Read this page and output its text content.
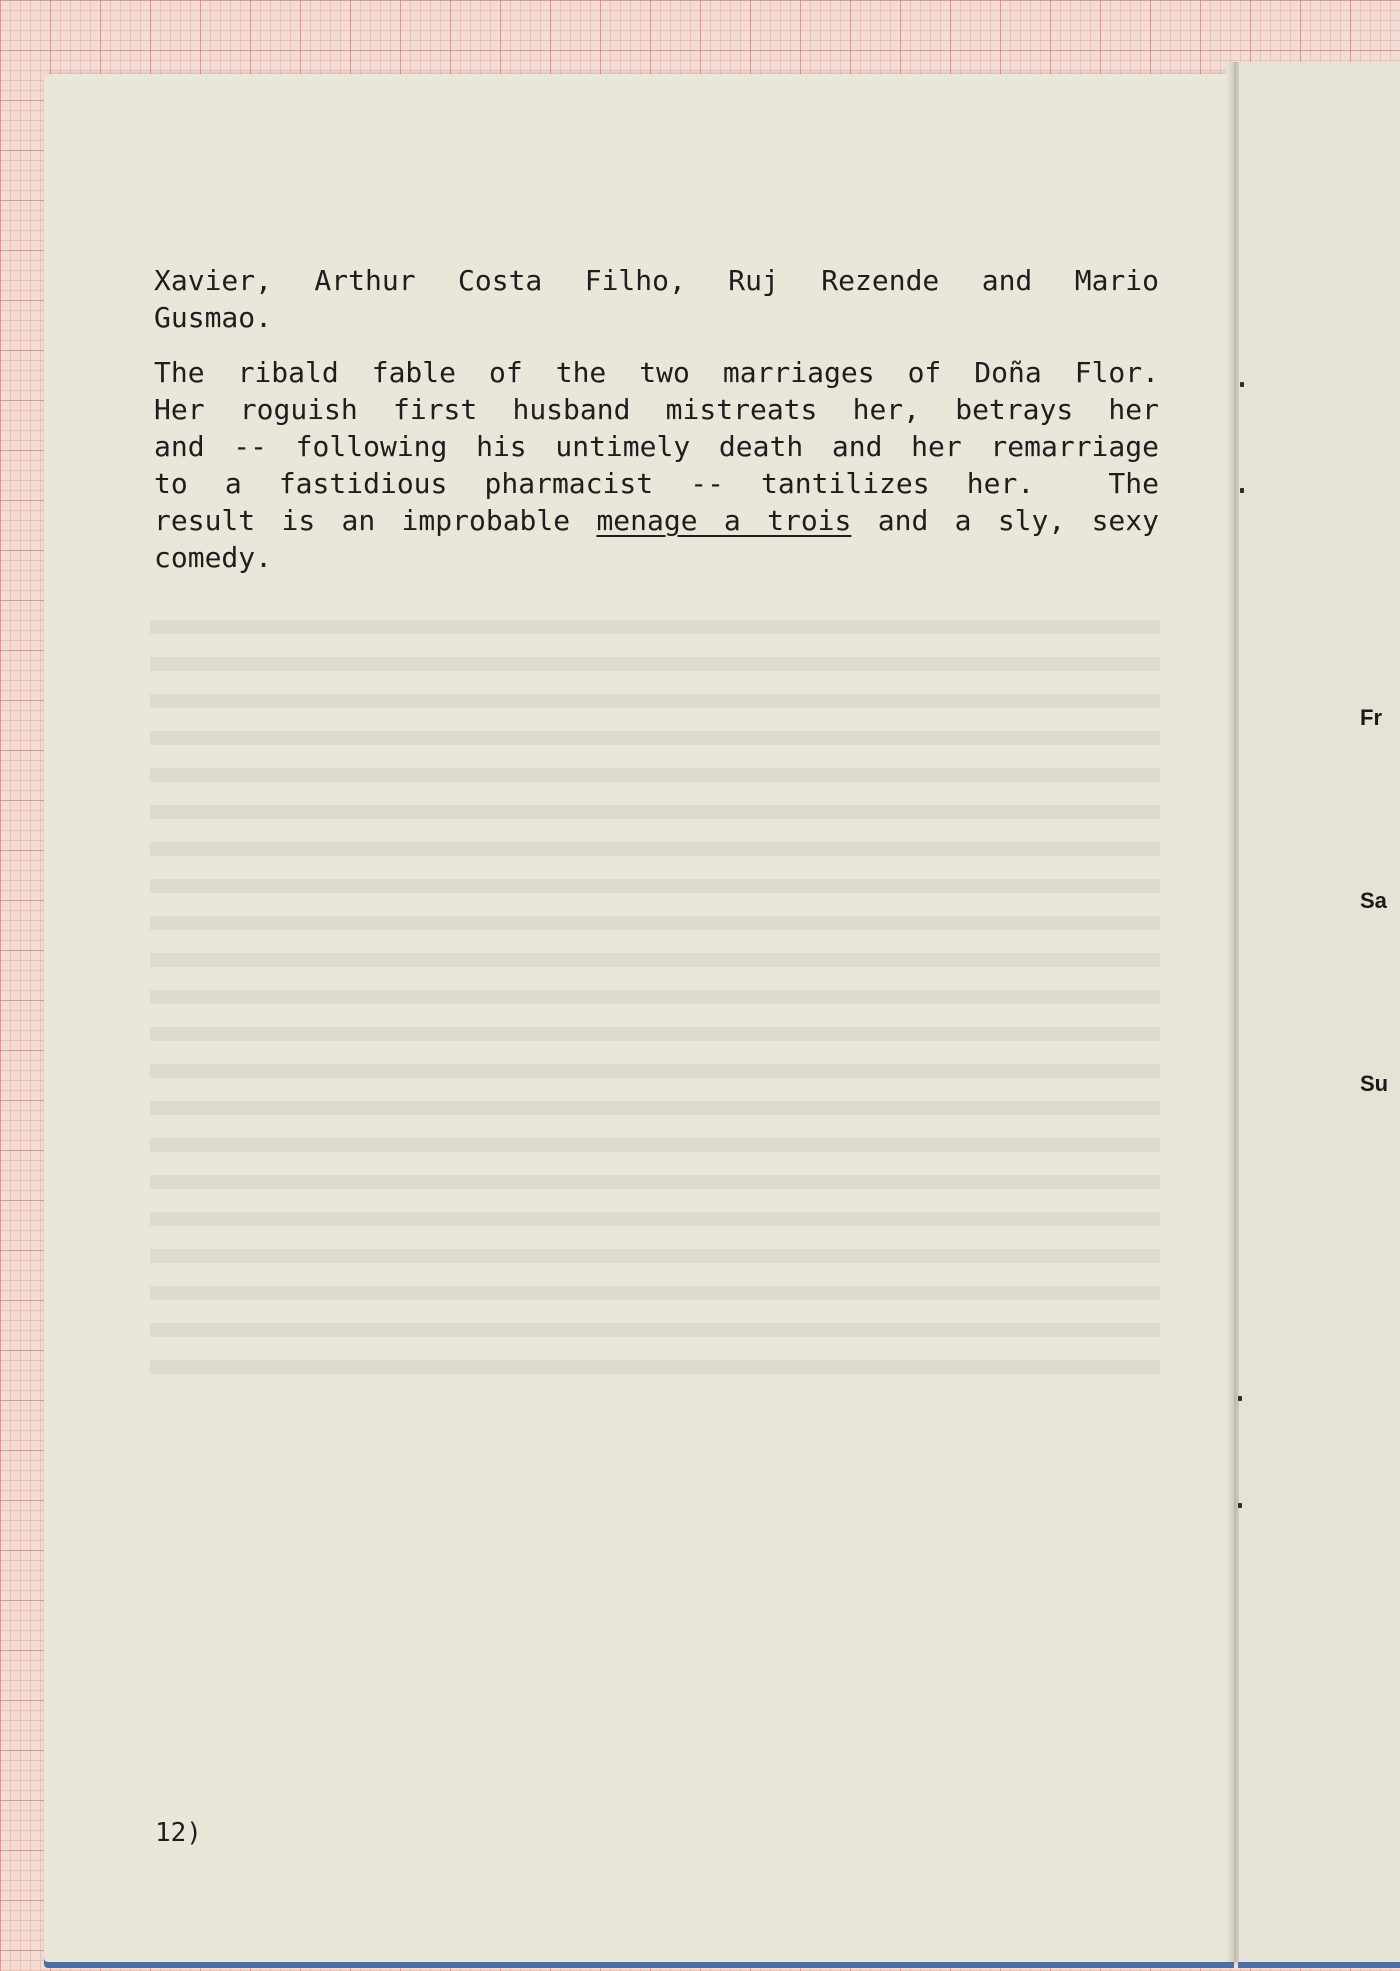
Xavier, Arthur Costa Filho, Ruj Rezende and Mario
Gusmao.
The ribald fable of the two marriages of Doña Flor.
Her roguish first husband mistreats her, betrays her
and -- following his untimely death and her remarriage
to a fastidious pharmacist -- tantilizes her.  The
result is an improbable menage a trois and a sly, sexy
comedy.
12)
Fr
Sa
Su
